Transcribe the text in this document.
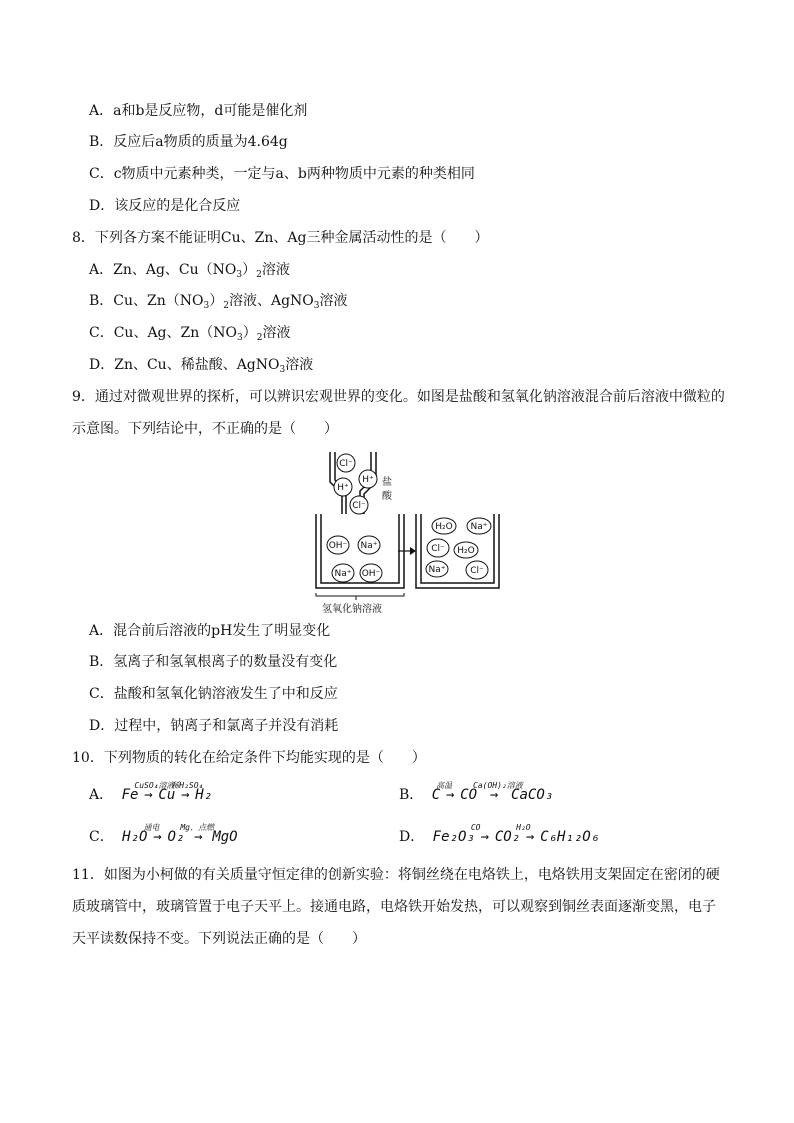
A．a和b是反应物，d可能是催化剂
B．反应后a物质的质量为4.64g
C．c物质中元素种类，一定与a、b两种物质中元素的种类相同
D．该反应的是化合反应
8．下列各方案不能证明Cu、Zn、Ag三种金属活动性的是（　　）
A．Zn、Ag、$Cu(NO_3)_2$溶液
B．Cu、$Zn(NO_3)_2$溶液、AgNO$_3$溶液
C．Cu、Ag、$Zn(NO_3)_2$溶液
D．Zn、Cu、稀盐酸、AgNO$_3$溶液
9．通过对微观世界的探析，可以辨识宏观世界的变化。如图是盐酸和氢氧化钠溶液混合前后溶液中微粒的
示意图。下列结论中，不正确的是（　　）
Cl⁻
H⁺
H⁺
Cl⁻
OH⁻ Na⁺
Na⁺ OH⁻
H₂O Na⁺
Cl⁻ H₂O
Na⁺	Cl⁻
盐
酸
氢氧化钠溶液
A．混合前后溶液的pH发生了明显变化
B．氢离子和氢氧根离子的数量没有变化
C．盐酸和氢氧化钠溶液发生了中和反应
D．过程中，钠离子和氯离子并没有消耗
10．下列物质的转化在给定条件下均能实现的是（　　）
A． Fe
CuSO₄溶液
→ Cu
稀H₂SO₄
→ H₂	B． C
高温
→ CO
Ca(OH)₂溶液
→ CaCO₃
C． H₂O
通电
→ O₂
Mg、点燃
→ MgO	D． Fe₂O₃
CO
→ CO₂
H₂O
→ C₆H₁₂O₆
11．如图为小柯做的有关质量守恒定律的创新实验：将铜丝绕在电烙铁上，电烙铁用支架固定在密闭的硬
质玻璃管中，玻璃管置于电子天平上。接通电路，电烙铁开始发热，可以观察到铜丝表面逐渐变黑，电子
天平读数保持不变。下列说法正确的是（　　）
